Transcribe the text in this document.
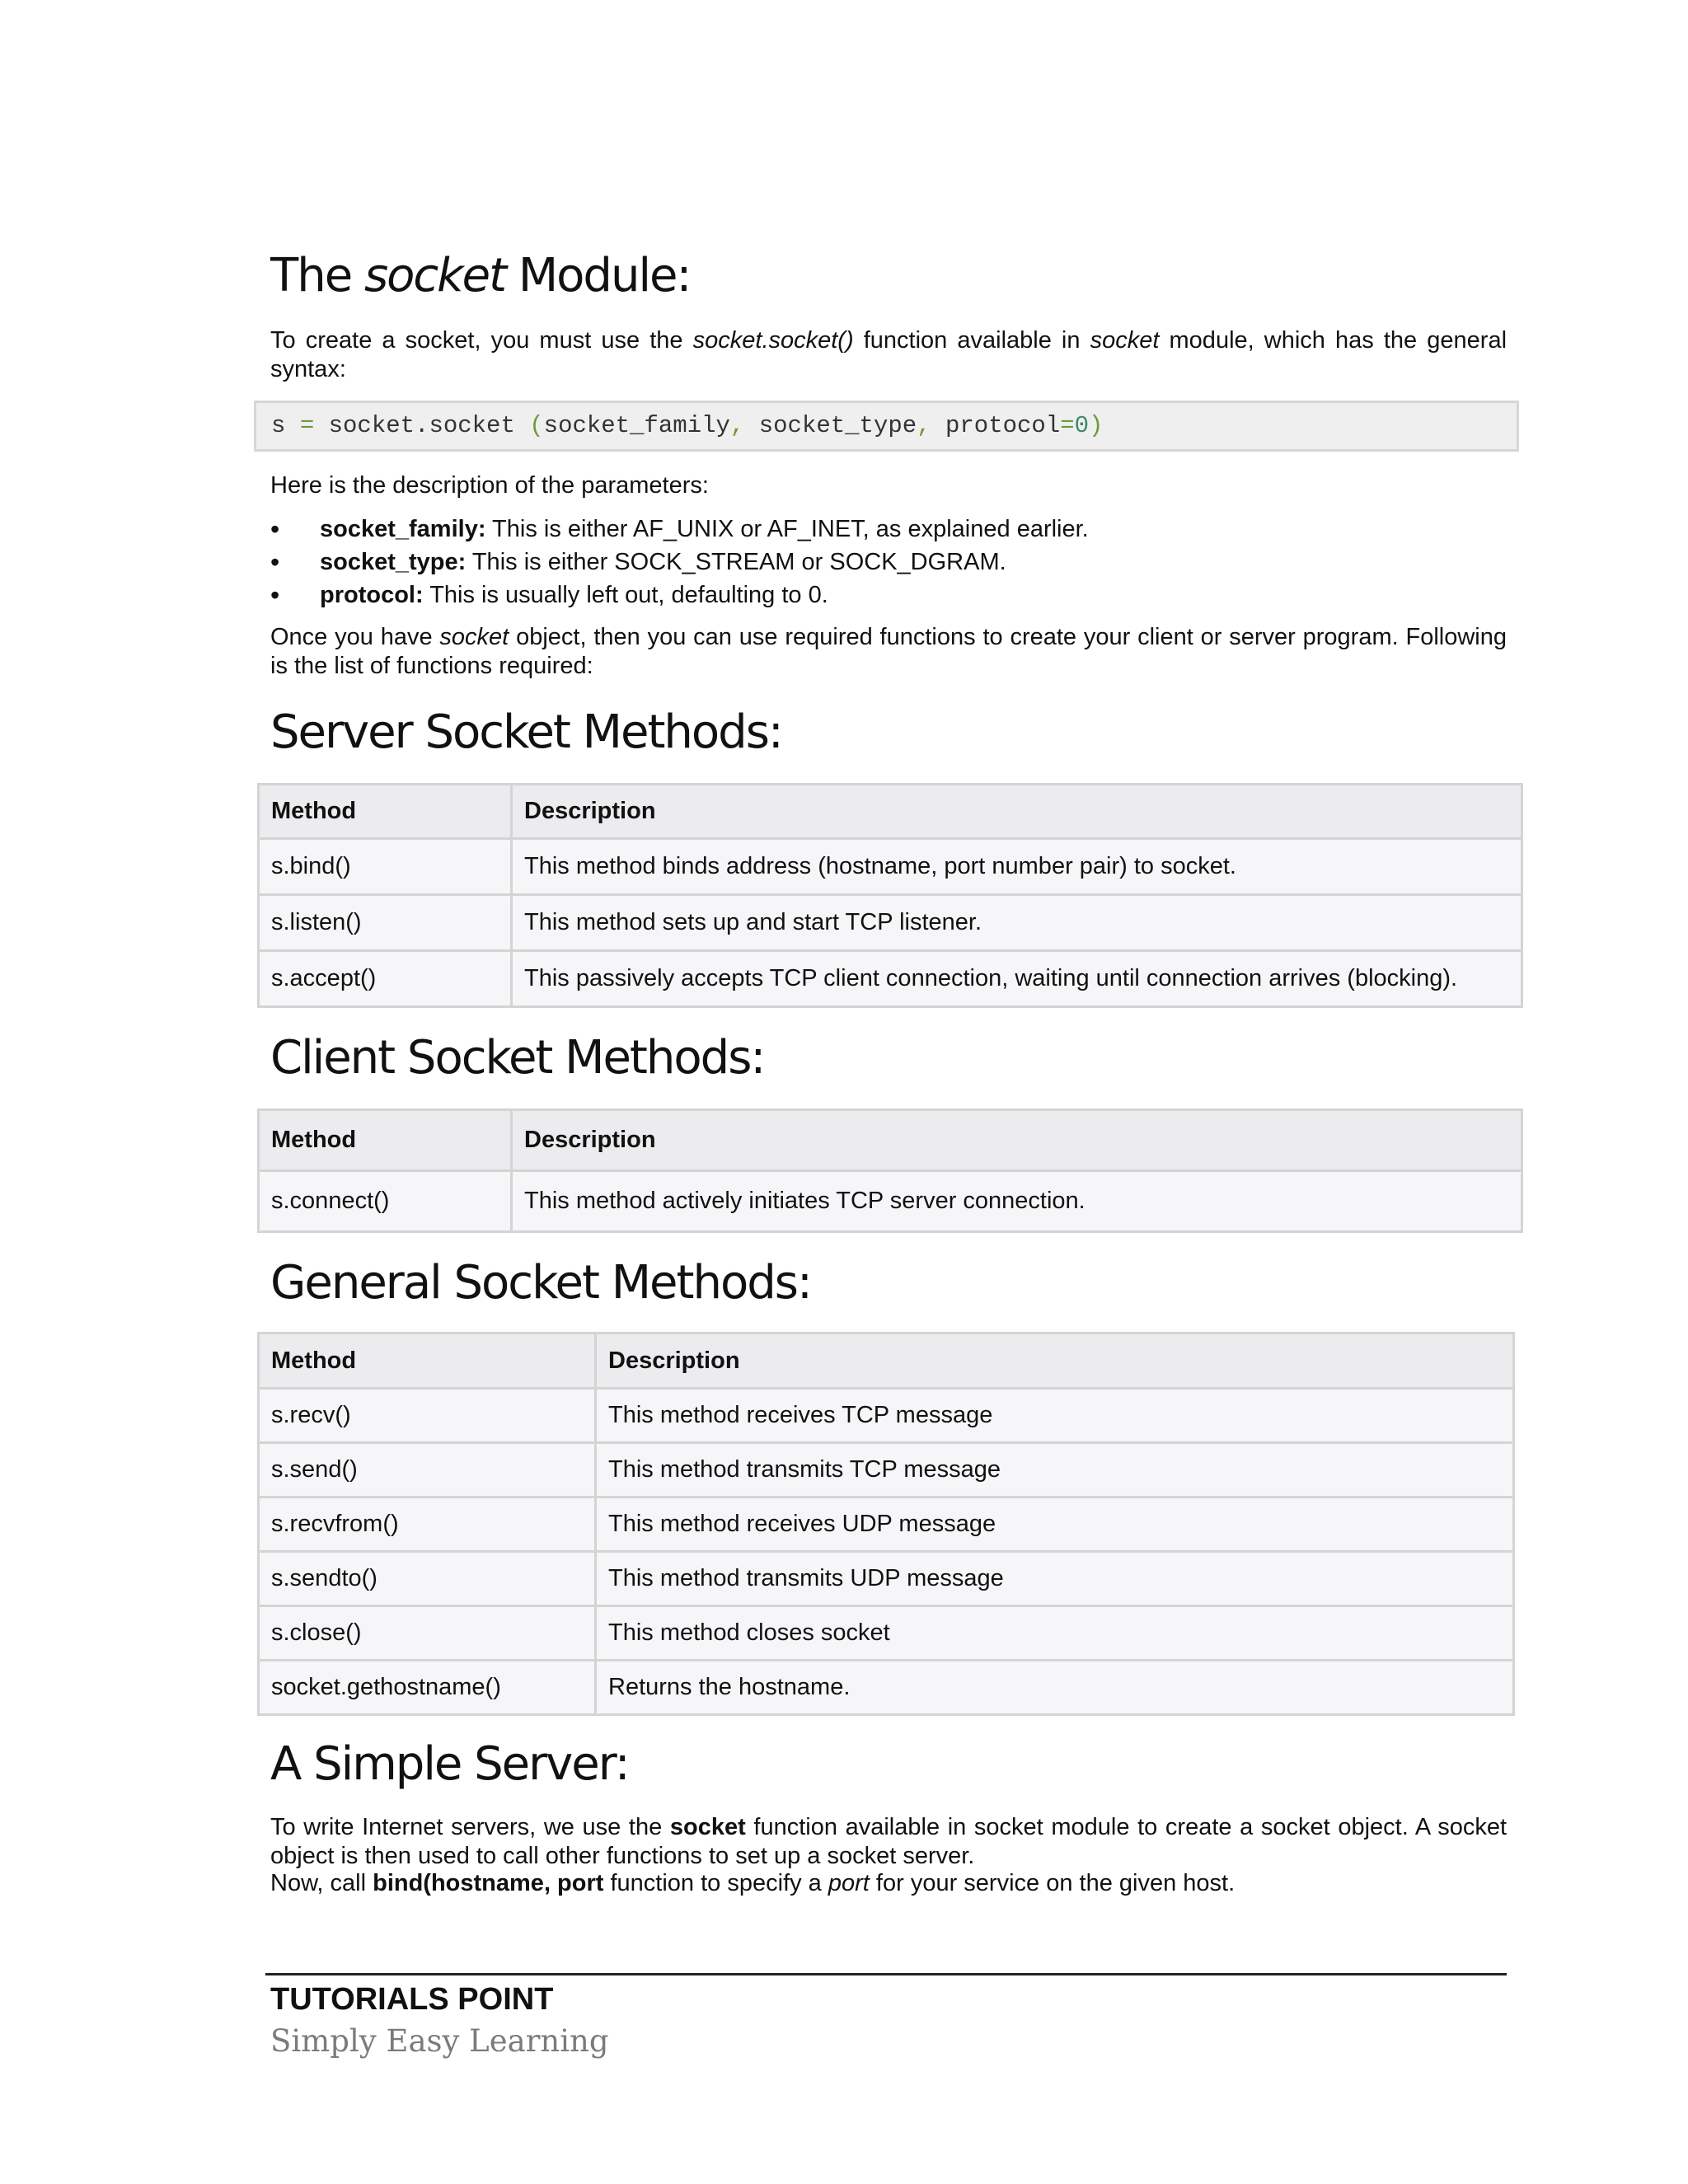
The socket Module:

To create a socket, you must use the socket.socket() function available in socket module, which has the general syntax:

s = socket.socket (socket_family, socket_type, protocol=0)

Here is the description of the parameters:

• socket_family: This is either AF_UNIX or AF_INET, as explained earlier.
• socket_type: This is either SOCK_STREAM or SOCK_DGRAM.
• protocol: This is usually left out, defaulting to 0.

Once you have socket object, then you can use required functions to create your client or server program. Following is the list of functions required:

Server Socket Methods:
Method	Description
s.bind()	This method binds address (hostname, port number pair) to socket.
s.listen()	This method sets up and start TCP listener.
s.accept()	This passively accepts TCP client connection, waiting until connection arrives (blocking).
Client Socket Methods:
Method	Description
s.connect()	This method actively initiates TCP server connection.
General Socket Methods:
Method	Description
s.recv()	This method receives TCP message
s.send()	This method transmits TCP message
s.recvfrom()	This method receives UDP message
s.sendto()	This method transmits UDP message
s.close()	This method closes socket
socket.gethostname()	Returns the hostname.
A Simple Server:

To write Internet servers, we use the socket function available in socket module to create a socket object. A socket object is then used to call other functions to set up a socket server.

Now, call bind(hostname, port function to specify a port for your service on the given host.

TUTORIALS POINT
Simply Easy Learning
